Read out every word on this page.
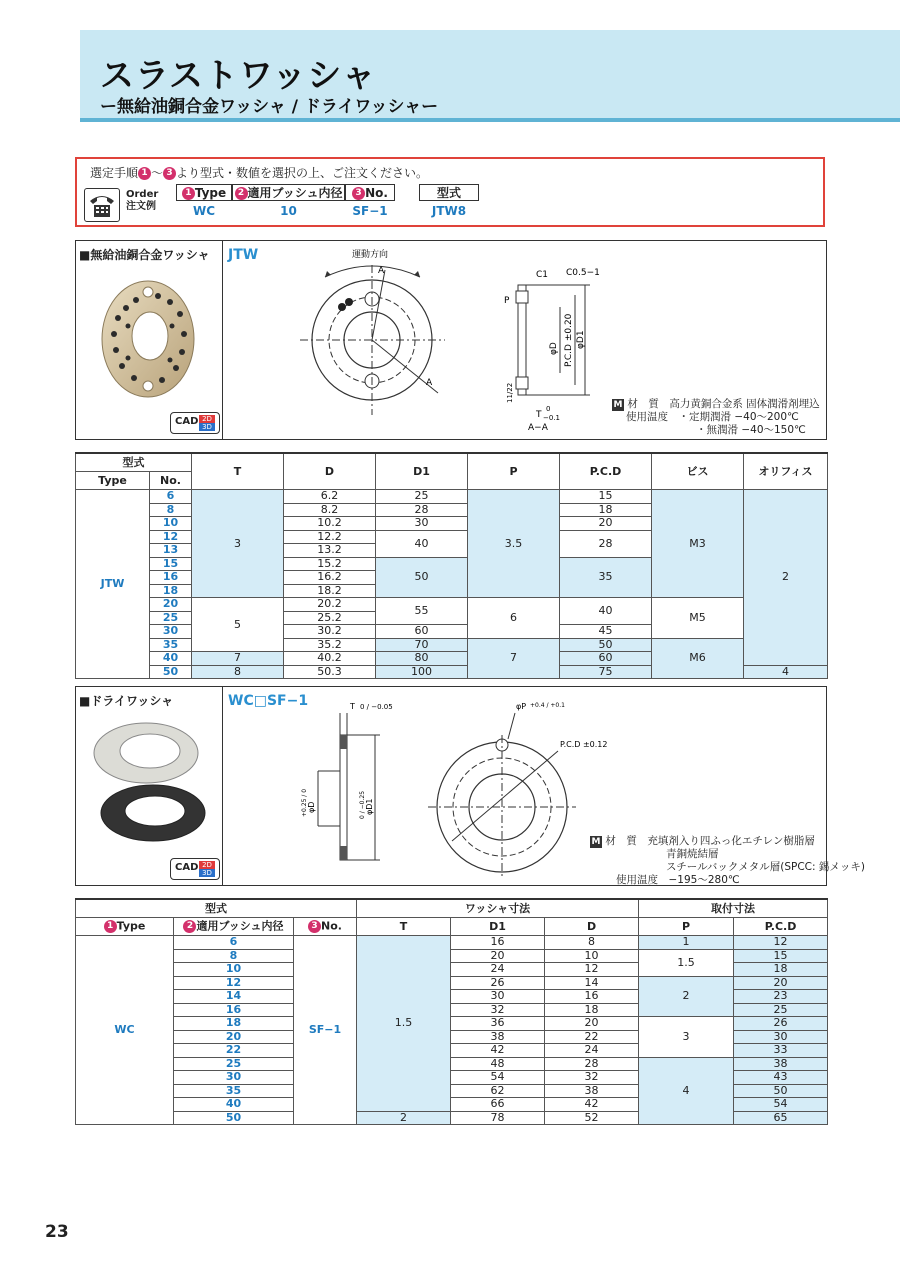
スラストワッシャ
ー無給油銅合金ワッシャ / ドライワッシャー
選定手順 1 ～ 3 より型式・数値を選択の上、ご注文ください。
Order
注文例
1 Type	2 適用ブッシュ内径	3 No.	型式
WC	10	SF−1	JTW8
■無給油銅合金ワッシャ JTW
CAD 2D
3D
運動方向
A
A
C1 C0.5−1
P
φD P.C.D ±0.20 φD1
11/22
T
0
−0.1
A−A
M 材　質　 高力黄銅合金系 固体潤滑剤埋込
使用温度　 ・定期潤滑 −40〜200℃
・無潤滑 −40〜150℃
型式		T	D	D1	P	P.C.D	ビス	オリフィス
Type	No.							
JTW	6	3	6.2	25	3.5	15	M3	2
	8		8.2	28		18		
	10		10.2	30		20		
	12		12.2	40		28		
	13		13.2					
	15		15.2	50		35		
	16		16.2					
	18		18.2					
	20	5	20.2	55	6	40	M5	
	25		25.2					
	30		30.2	60		45		
	35		35.2	70	7	50	M6	
	40	7	40.2	80		60		
	50	8	50.3	100		75		4
■ドライワッシャ	WC□SF−1
CAD 2D
3D
T 0 / −0.05
φD
+0.25 / 0	φD1
0 / −0.25
φP +0.4 / +0.1
P.C.D ±0.12
M 材　質　 充填剤入り四ふっ化エチレン樹脂層
青銅焼結層
スチールバックメタル層(SPCC: 錫メッキ)
使用温度　 −195〜280℃
型式			ワッシャ寸法			取付寸法	
1 Type	2 適用ブッシュ内径	3 No.	T	D1	D	P	P.C.D
WC	6	SF−1	1.5	16	8	1	12
	8			20	10	1.5	15
	10			24	12		18
	12			26	14	2	20
	14			30	16		23
	16			32	18		25
	18			36	20	3	26
	20			38	22		30
	22			42	24		33
	25			48	28	4	38
	30			54	32		43
	35			62	38		50
	40			66	42		54
	50		2	78	52		65
23
